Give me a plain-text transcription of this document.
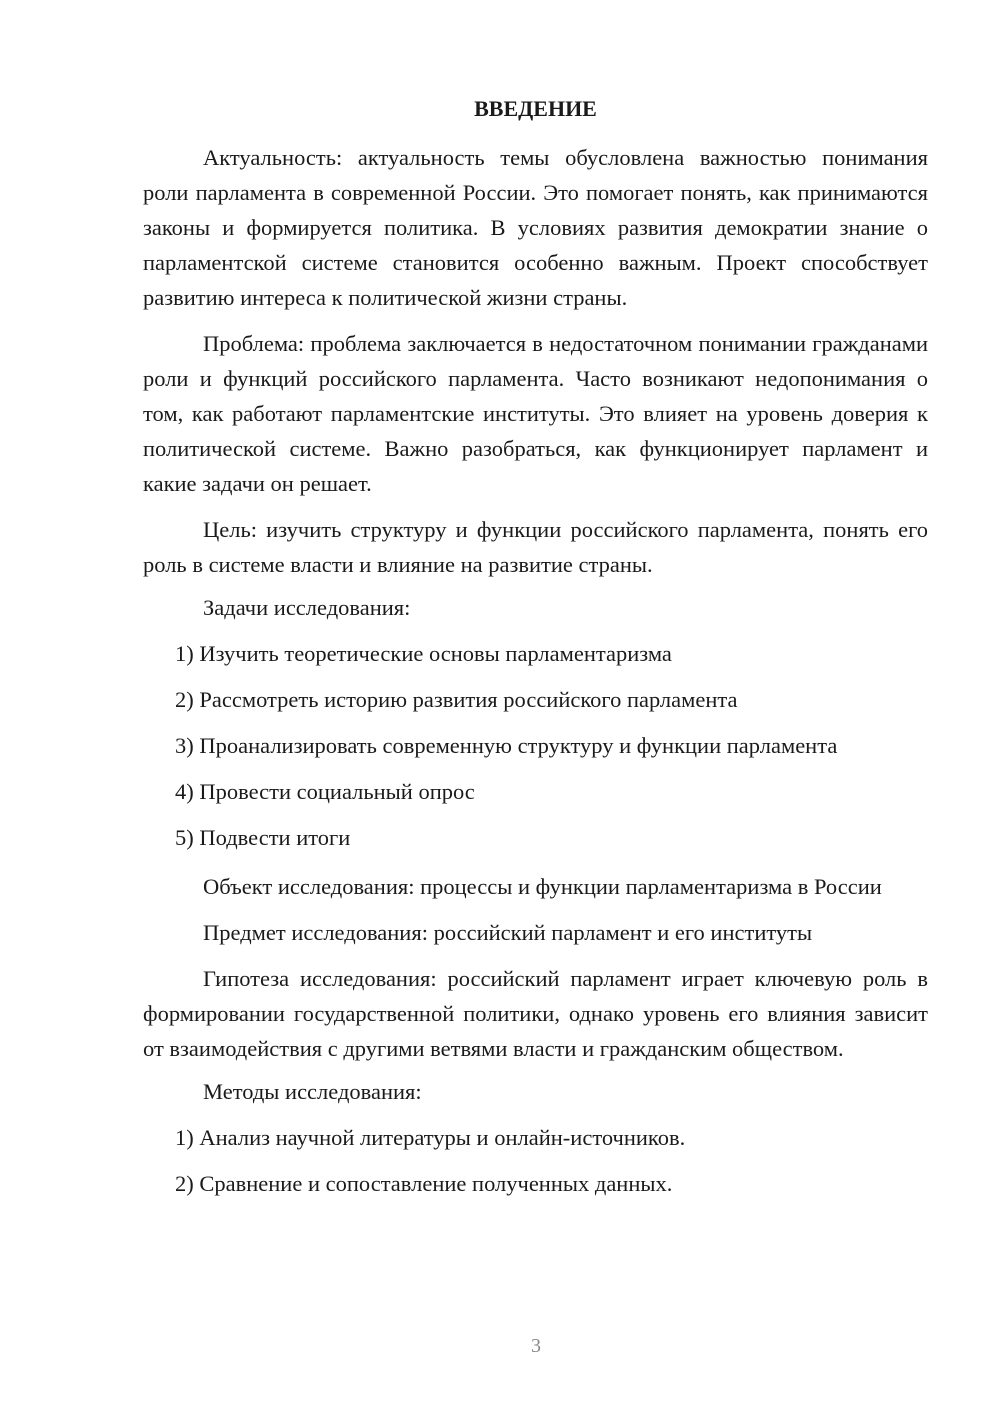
ВВЕДЕНИЕ

Актуальность: актуальность темы обусловлена важностью понимания роли парламента в современной России. Это помогает понять, как принимаются законы и формируется политика. В условиях развития демократии знание о парламентской системе становится особенно важным. Проект способствует развитию интереса к политической жизни страны.

Проблема: проблема заключается в недостаточном понимании гражданами роли и функций российского парламента. Часто возникают недопонимания о том, как работают парламентские институты. Это влияет на уровень доверия к политической системе. Важно разобраться, как функционирует парламент и какие задачи он решает.

Цель: изучить структуру и функции российского парламента, понять его роль в системе власти и влияние на развитие страны.

Задачи исследования:

1) Изучить теоретические основы парламентаризма

2) Рассмотреть историю развития российского парламента

3) Проанализировать современную структуру и функции парламента

4) Провести социальный опрос

5) Подвести итоги

Объект исследования: процессы и функции парламентаризма в России

Предмет исследования: российский парламент и его институты

Гипотеза исследования: российский парламент играет ключевую роль в формировании государственной политики, однако уровень его влияния зависит от взаимодействия с другими ветвями власти и гражданским обществом.

Методы исследования:

1) Анализ научной литературы и онлайн-источников.

2) Сравнение и сопоставление полученных данных.

3
